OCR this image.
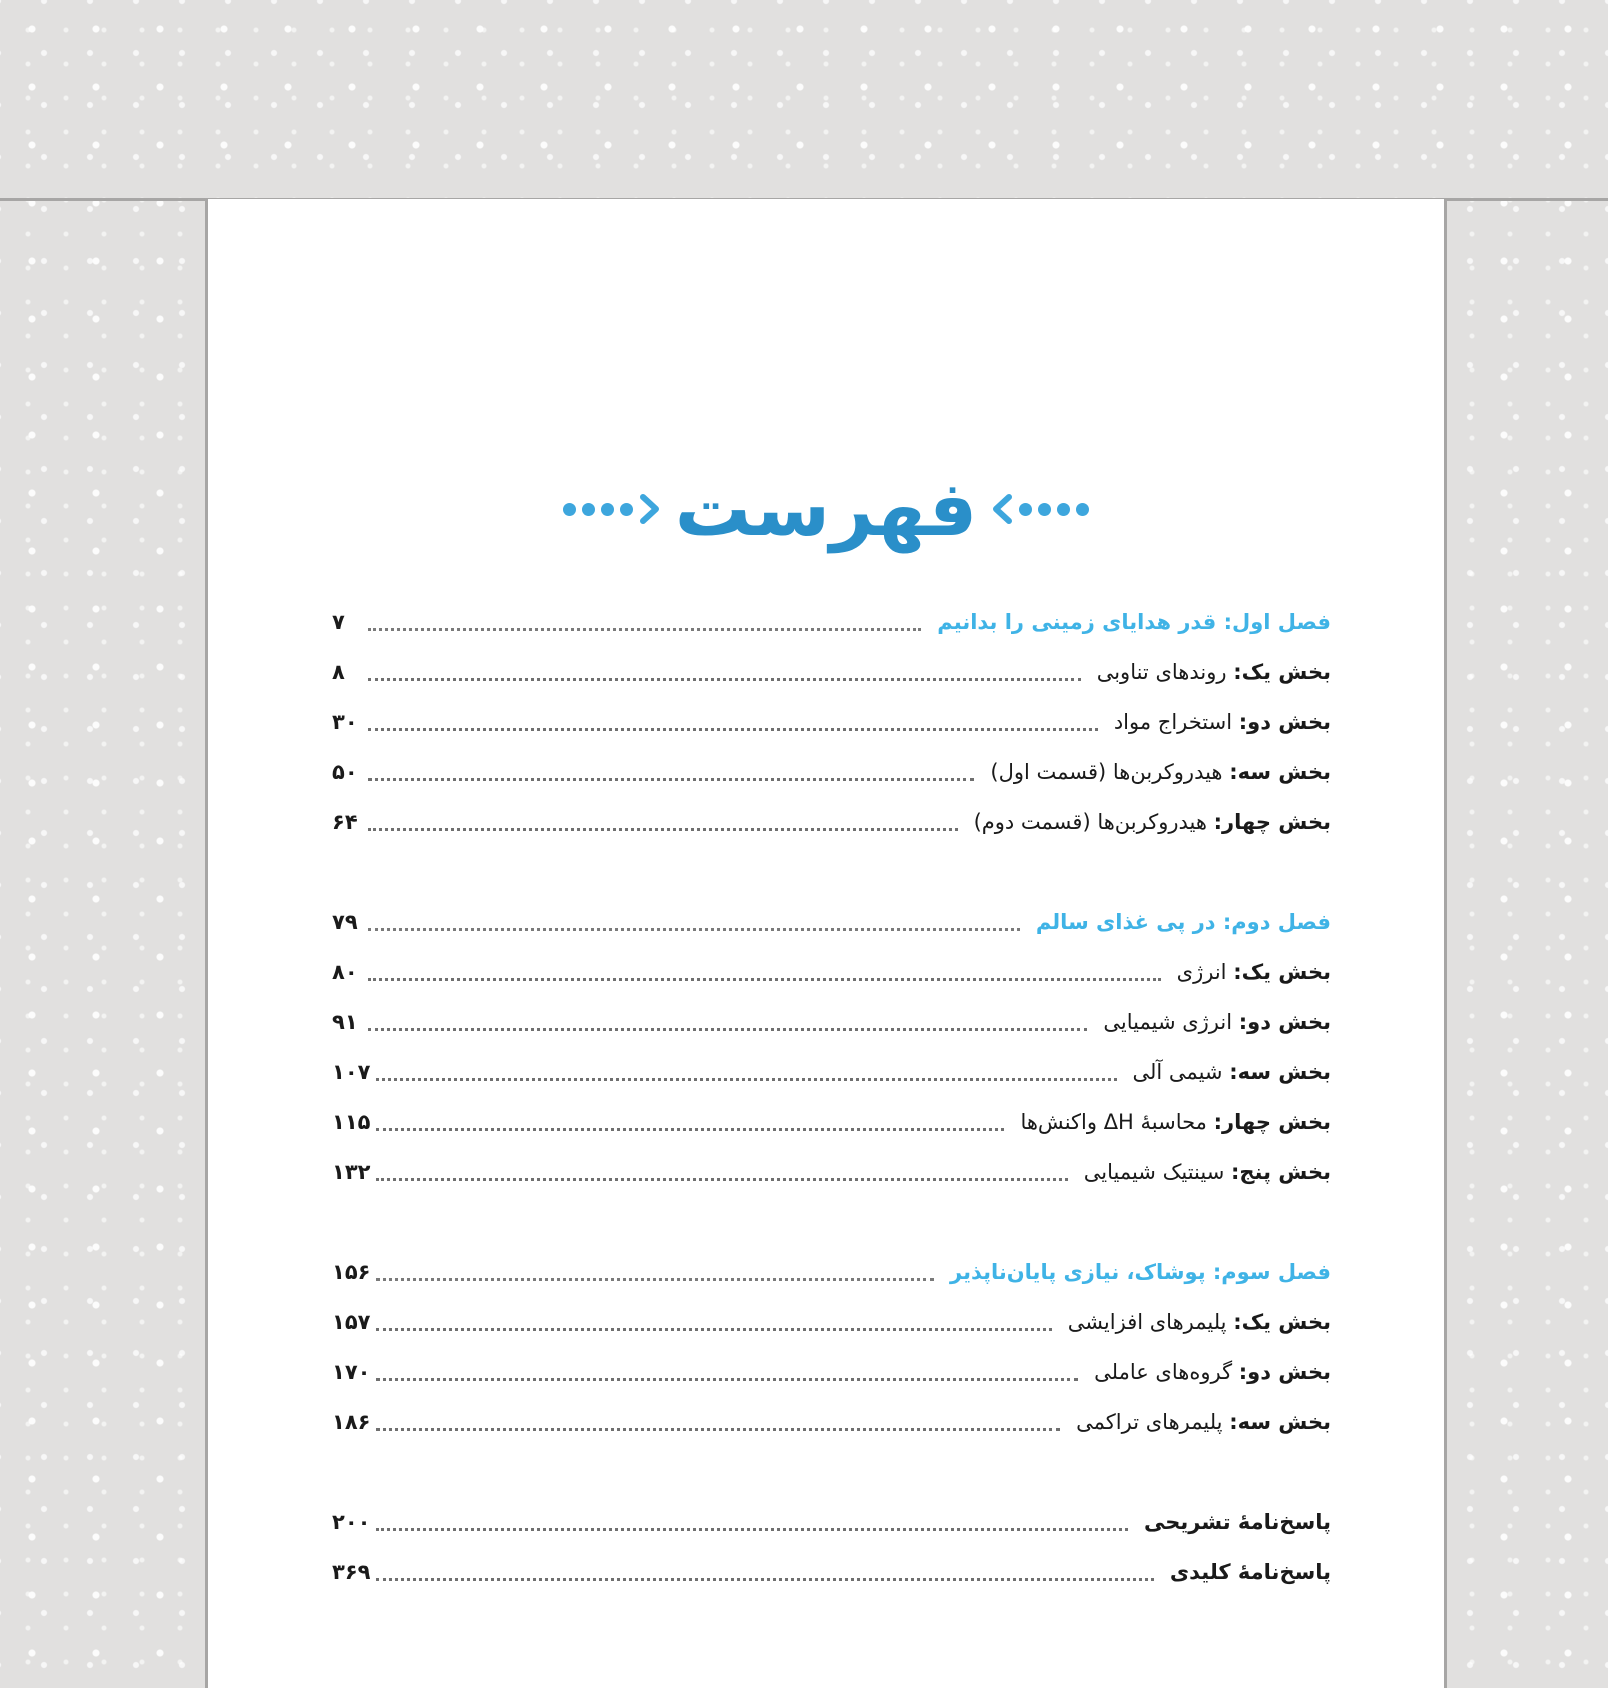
فهرست
فصل اول: قدر هدایای زمینی را بدانیم
۷
بخش یک: روندهای تناوبی
۸
بخش دو: استخراج مواد
۳۰
بخش سه: هیدروکربن‌ها (قسمت اول)
۵۰
بخش چهار: هیدروکربن‌ها (قسمت دوم)
۶۴
فصل دوم: در پی غذای سالم
۷۹
بخش یک: انرژی
۸۰
بخش دو: انرژی شیمیایی
۹۱
بخش سه: شیمی آلی
۱۰۷
بخش چهار: محاسبهٔ ΔH واکنش‌ها
۱۱۵
بخش پنج: سینتیک شیمیایی
۱۳۲
فصل سوم: پوشاک، نیازی پایان‌ناپذیر
۱۵۶
بخش یک: پلیمرهای افزایشی
۱۵۷
بخش دو: گروه‌های عاملی
۱۷۰
بخش سه: پلیمرهای تراکمی
۱۸۶
پاسخ‌نامهٔ تشریحی
۲۰۰
پاسخ‌نامهٔ کلیدی
۳۶۹
